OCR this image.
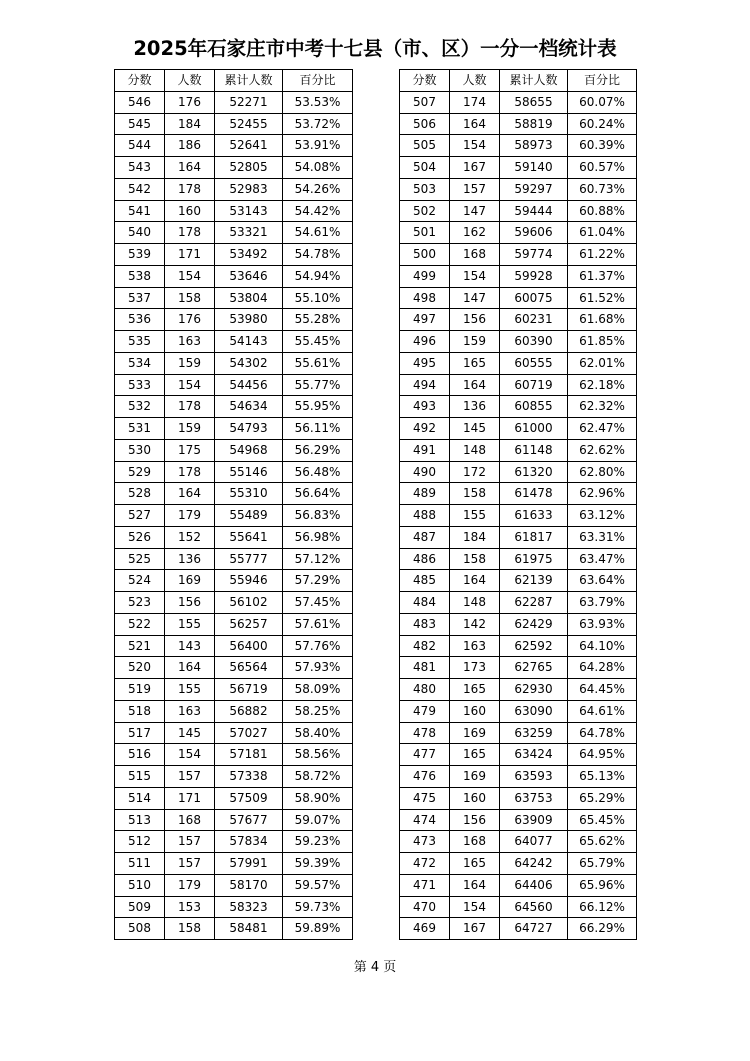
2025年石家庄市中考十七县（市、区）一分一档统计表
分数	人数	累计人数	百分比
546	176	52271	53.53%
545	184	52455	53.72%
544	186	52641	53.91%
543	164	52805	54.08%
542	178	52983	54.26%
541	160	53143	54.42%
540	178	53321	54.61%
539	171	53492	54.78%
538	154	53646	54.94%
537	158	53804	55.10%
536	176	53980	55.28%
535	163	54143	55.45%
534	159	54302	55.61%
533	154	54456	55.77%
532	178	54634	55.95%
531	159	54793	56.11%
530	175	54968	56.29%
529	178	55146	56.48%
528	164	55310	56.64%
527	179	55489	56.83%
526	152	55641	56.98%
525	136	55777	57.12%
524	169	55946	57.29%
523	156	56102	57.45%
522	155	56257	57.61%
521	143	56400	57.76%
520	164	56564	57.93%
519	155	56719	58.09%
518	163	56882	58.25%
517	145	57027	58.40%
516	154	57181	58.56%
515	157	57338	58.72%
514	171	57509	58.90%
513	168	57677	59.07%
512	157	57834	59.23%
511	157	57991	59.39%
510	179	58170	59.57%
509	153	58323	59.73%
508	158	58481	59.89%
分数	人数	累计人数	百分比
507	174	58655	60.07%
506	164	58819	60.24%
505	154	58973	60.39%
504	167	59140	60.57%
503	157	59297	60.73%
502	147	59444	60.88%
501	162	59606	61.04%
500	168	59774	61.22%
499	154	59928	61.37%
498	147	60075	61.52%
497	156	60231	61.68%
496	159	60390	61.85%
495	165	60555	62.01%
494	164	60719	62.18%
493	136	60855	62.32%
492	145	61000	62.47%
491	148	61148	62.62%
490	172	61320	62.80%
489	158	61478	62.96%
488	155	61633	63.12%
487	184	61817	63.31%
486	158	61975	63.47%
485	164	62139	63.64%
484	148	62287	63.79%
483	142	62429	63.93%
482	163	62592	64.10%
481	173	62765	64.28%
480	165	62930	64.45%
479	160	63090	64.61%
478	169	63259	64.78%
477	165	63424	64.95%
476	169	63593	65.13%
475	160	63753	65.29%
474	156	63909	65.45%
473	168	64077	65.62%
472	165	64242	65.79%
471	164	64406	65.96%
470	154	64560	66.12%
469	167	64727	66.29%
第 4 页
